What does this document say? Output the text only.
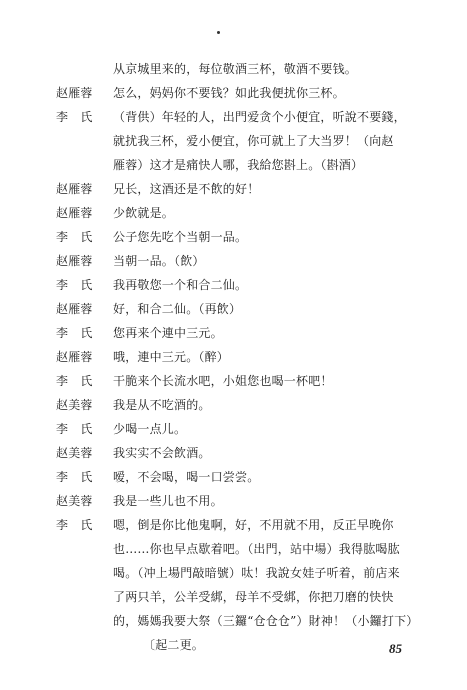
从京城里来的，每位敬酒三杯，敬酒不要钱。
赵雁蓉	怎么，妈妈你不要钱？如此我便扰你三杯。
李　氏	（背供）年轻的人，出門爱贪个小便宜，听說不要錢，
就扰我三杯，爱小便宜，你可就上了大当罗！（向赵
雁蓉）这才是痛快人哪，我給您斟上。（斟酒）
赵雁蓉	兄长，这酒还是不飲的好！
赵雁蓉	少飲就是。
李　氏	公子您先吃个当朝一品。
赵雁蓉	当朝一品。（飲）
李　氏	我再敬您一个和合二仙。
赵雁蓉	好，和合二仙。（再飲）
李　氏	您再来个連中三元。
赵雁蓉	哦，連中三元。（醉）
李　氏	干脆来个长流水吧，小姐您也喝一杯吧！
赵美蓉	我是从不吃酒的。
李　氏	少喝一点儿。
赵美蓉	我实实不会飲酒。
李　氏	嗳，不会喝，喝一口尝尝。
赵美蓉	我是一些儿也不用。
李　氏	嗯，倒是你比他鬼啊，好，不用就不用，反正早晚你
也……你也早点歇着吧。（出門，站中場）我得肱喝肱
喝。（冲上場門敲暗號）呔！我說女娃子听着，前店来
了两只羊，公羊受綁，母羊不受綁，你把刀磨的快快
的，媽媽我要大祭（三鑼“仓仓仓”）財神！（小鑼打下）
〔起二更。	85
